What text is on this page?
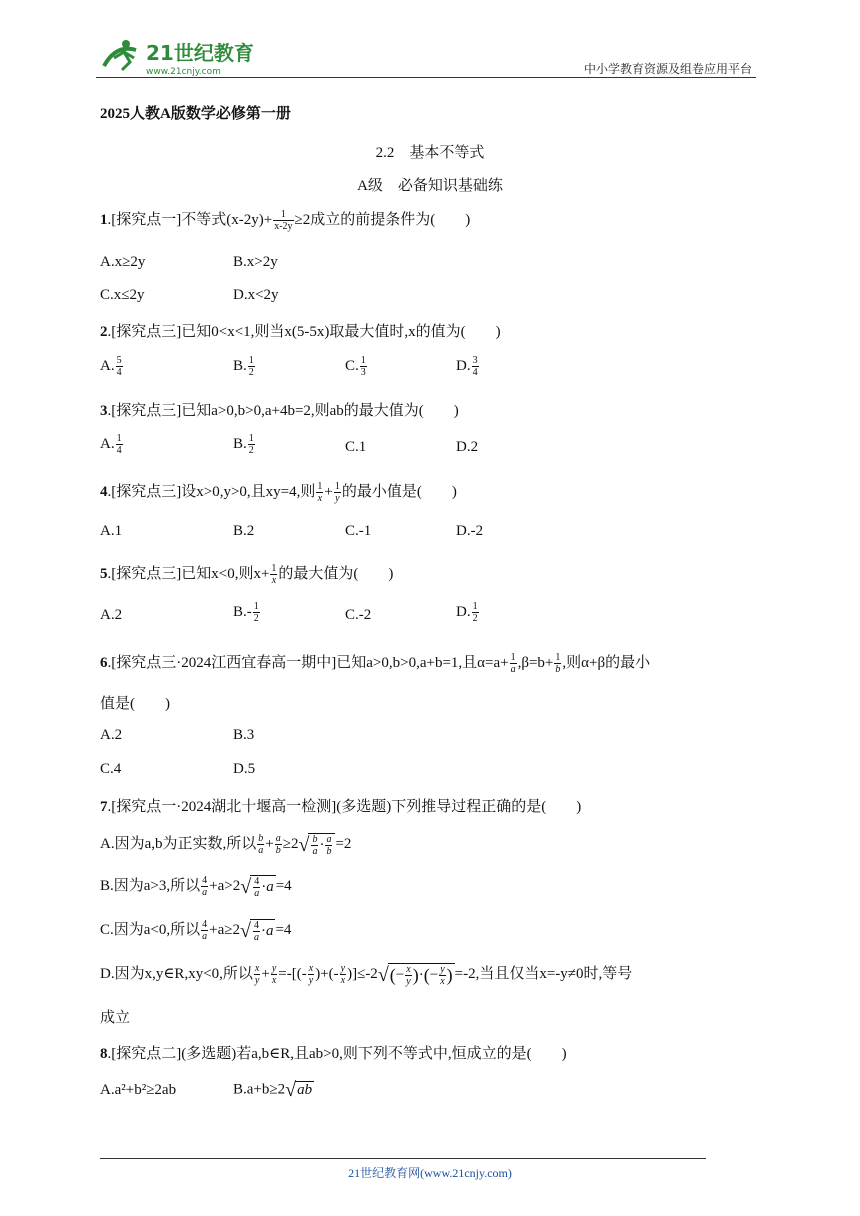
21世纪教育
www.21cnjy.com	中小学教育资源及组卷应用平台
2025人教A版数学必修第一册
2.2　基本不等式
A级　必备知识基础练
1.[探究点一]不等式$(x-2y)+ \frac{1}{x-2y} \ge 2$成立的前提条件为(　　)
A.x≥2y	B.x>2y
C.x≤2y	D.x<2y
2.[探究点三]已知0<x<1,则当x(5-5x)取最大值时,x的值为(　　)
A. $\frac{5}{4}$	B. $\frac{1}{2}$	C. $\frac{1}{3}$	D. $\frac{3}{4}$
3.[探究点三]已知a>0,b>0,a+4b=2,则ab的最大值为(　　)
A. $\frac{1}{4}$	B. $\frac{1}{2}$	C.1	D.2
4.[探究点三]设x>0,y>0,且xy=4,则 $\frac{1}{x} + \frac{1}{y}$ 的最小值是(　　)
A.1	B.2	C.-1	D.-2
5.[探究点三]已知x<0,则$x+ \frac{1}{x}$ 的最大值为(　　)
A.2	$B.- \frac{1}{2}$	C.-2	D. $\frac{1}{2}$
6.[探究点三·2024江西宜春高一期中]已知a>0,b>0,a+b=1,且$\alpha=a+ \frac{1}{a} ,\beta=b+ \frac{1}{b}$ ,则α+β的最小
值是(　　)
A.2	B.3
C.4	D.5
7.[探究点一·2024湖北十堰高一检测](多选题)下列推导过程正确的是(　　)
A.因为a,b为正实数,所以 $\frac{b}{a} + \frac{a}{b} \ge 2√ \frac{b}{a} \cdot \frac{a}{b} =2$
B.因为a>3,所以 $\frac{4}{a} +a>2√ \frac{4}{a} \cdot a =4$
C.因为a<0,所以 $\frac{4}{a} +a\ge 2√ \frac{4}{a} \cdot a =4$
D.因为x,y∈R,xy<0,所以 $\frac{x}{y} + \frac{y}{x}$ =-[(- $\frac{x}{y}$ )+(- $\frac{y}{x} )]\le-2√(- \frac{x}{y}$ )·(− $\frac{y}{x}$ ) =-2,当且仅当x=-y≠0时,等号
成立
8.[探究点二](多选题)若a,b∈R,且ab>0,则下列不等式中,恒成立的是(　　)
A.a²+b²≥2ab	B.a+b≥2√ab
21世纪教育网(www.21cnjy.com)
